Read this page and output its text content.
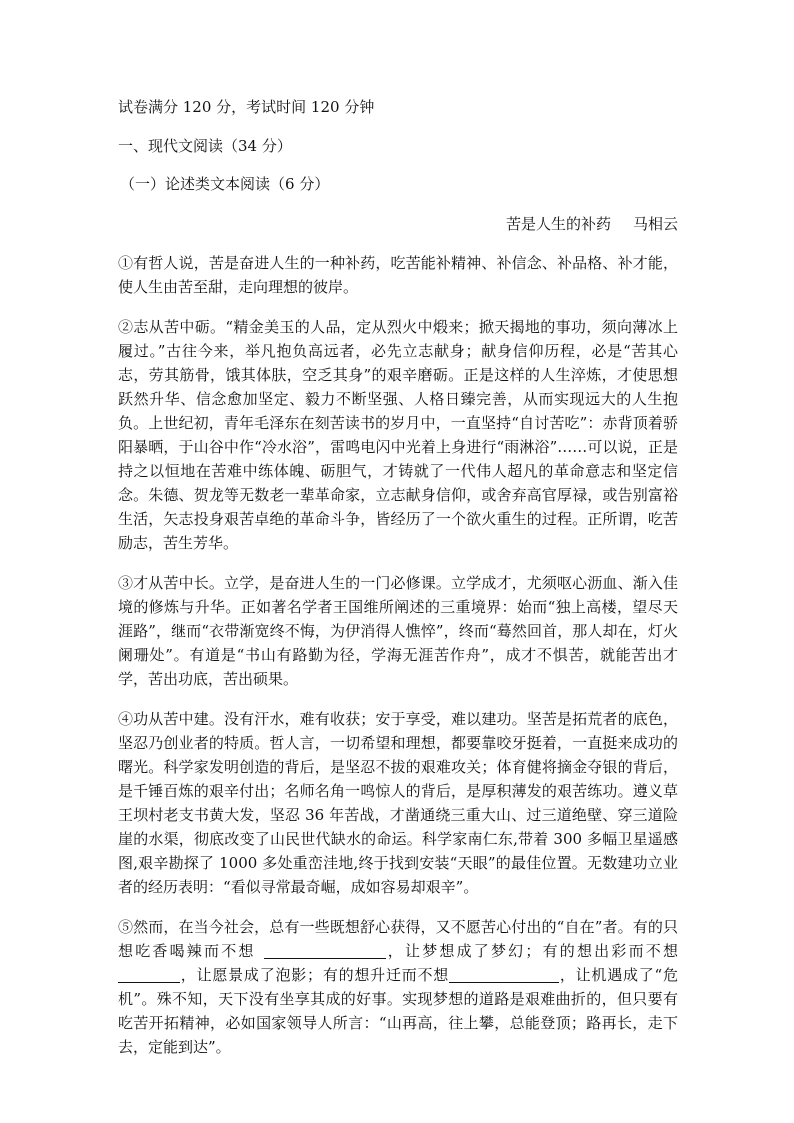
试卷满分 120 分，考试时间 120 分钟
一、现代文阅读（34 分）
（一）论述类文本阅读（6 分）
苦是人生的补药 马相云
①有哲人说，苦是奋进人生的一种补药，吃苦能补精神、补信念、补品格、补才能，使人生由苦至甜，走向理想的彼岸。
②志从苦中砺。“精金美玉的人品，定从烈火中煅来；掀天揭地的事功，须向薄冰上履过。”古往今来，举凡抱负高远者，必先立志献身；献身信仰历程，必是“苦其心志，劳其筋骨，饿其体肤，空乏其身”的艰辛磨砺。正是这样的人生淬炼，才使思想跃然升华、信念愈加坚定、毅力不断坚强、人格日臻完善，从而实现远大的人生抱负。上世纪初，青年毛泽东在刻苦读书的岁月中，一直坚持“自讨苦吃”：赤背顶着骄阳暴晒，于山谷中作“冷水浴”，雷鸣电闪中光着上身进行“雨淋浴”……可以说，正是持之以恒地在苦难中练体魄、砺胆气，才铸就了一代伟人超凡的革命意志和坚定信念。朱德、贺龙等无数老一辈革命家，立志献身信仰，或舍弃高官厚禄，或告别富裕生活，矢志投身艰苦卓绝的革命斗争，皆经历了一个欲火重生的过程。正所谓，吃苦励志，苦生芳华。
③才从苦中长。立学，是奋进人生的一门必修课。立学成才，尤须呕心沥血、渐入佳境的修炼与升华。正如著名学者王国维所阐述的三重境界：始而“独上高楼，望尽天涯路”，继而“衣带渐宽终不悔，为伊消得人憔悴”，终而“蓦然回首，那人却在，灯火阑珊处”。有道是“书山有路勤为径，学海无涯苦作舟”，成才不惧苦，就能苦出才学，苦出功底，苦出硕果。
④功从苦中建。没有汗水，难有收获；安于享受，难以建功。坚苦是拓荒者的底色，坚忍乃创业者的特质。哲人言，一切希望和理想，都要靠咬牙挺着，一直挺来成功的曙光。科学家发明创造的背后，是坚忍不拔的艰难攻关；体育健将摘金夺银的背后，是千锤百炼的艰辛付出；名师名角一鸣惊人的背后，是厚积薄发的艰苦练功。遵义草王坝村老支书黄大发，坚忍 36 年苦战，才凿通绕三重大山、过三道绝壁、穿三道险崖的水渠，彻底改变了山民世代缺水的命运。科学家南仁东,带着 300 多幅卫星遥感图,艰辛勘探了 1000 多处重峦洼地,终于找到安装“天眼”的最佳位置。无数建功立业者的经历表明：“看似寻常最奇崛，成如容易却艰辛”。
⑤然而，在当今社会，总有一些既想舒心获得，又不愿苦心付出的“自在”者。有的只想吃香喝辣而不想	，让梦想成了梦幻；有的想出彩而不想，让愿景成了泡影；有的想升迁而不想	，让机遇成了“危机”。殊不知，天下没有坐享其成的好事。实现梦想的道路是艰难曲折的，但只要有吃苦开拓精神，必如国家领导人所言：“山再高，往上攀，总能登顶；路再长，走下去，定能到达”。
